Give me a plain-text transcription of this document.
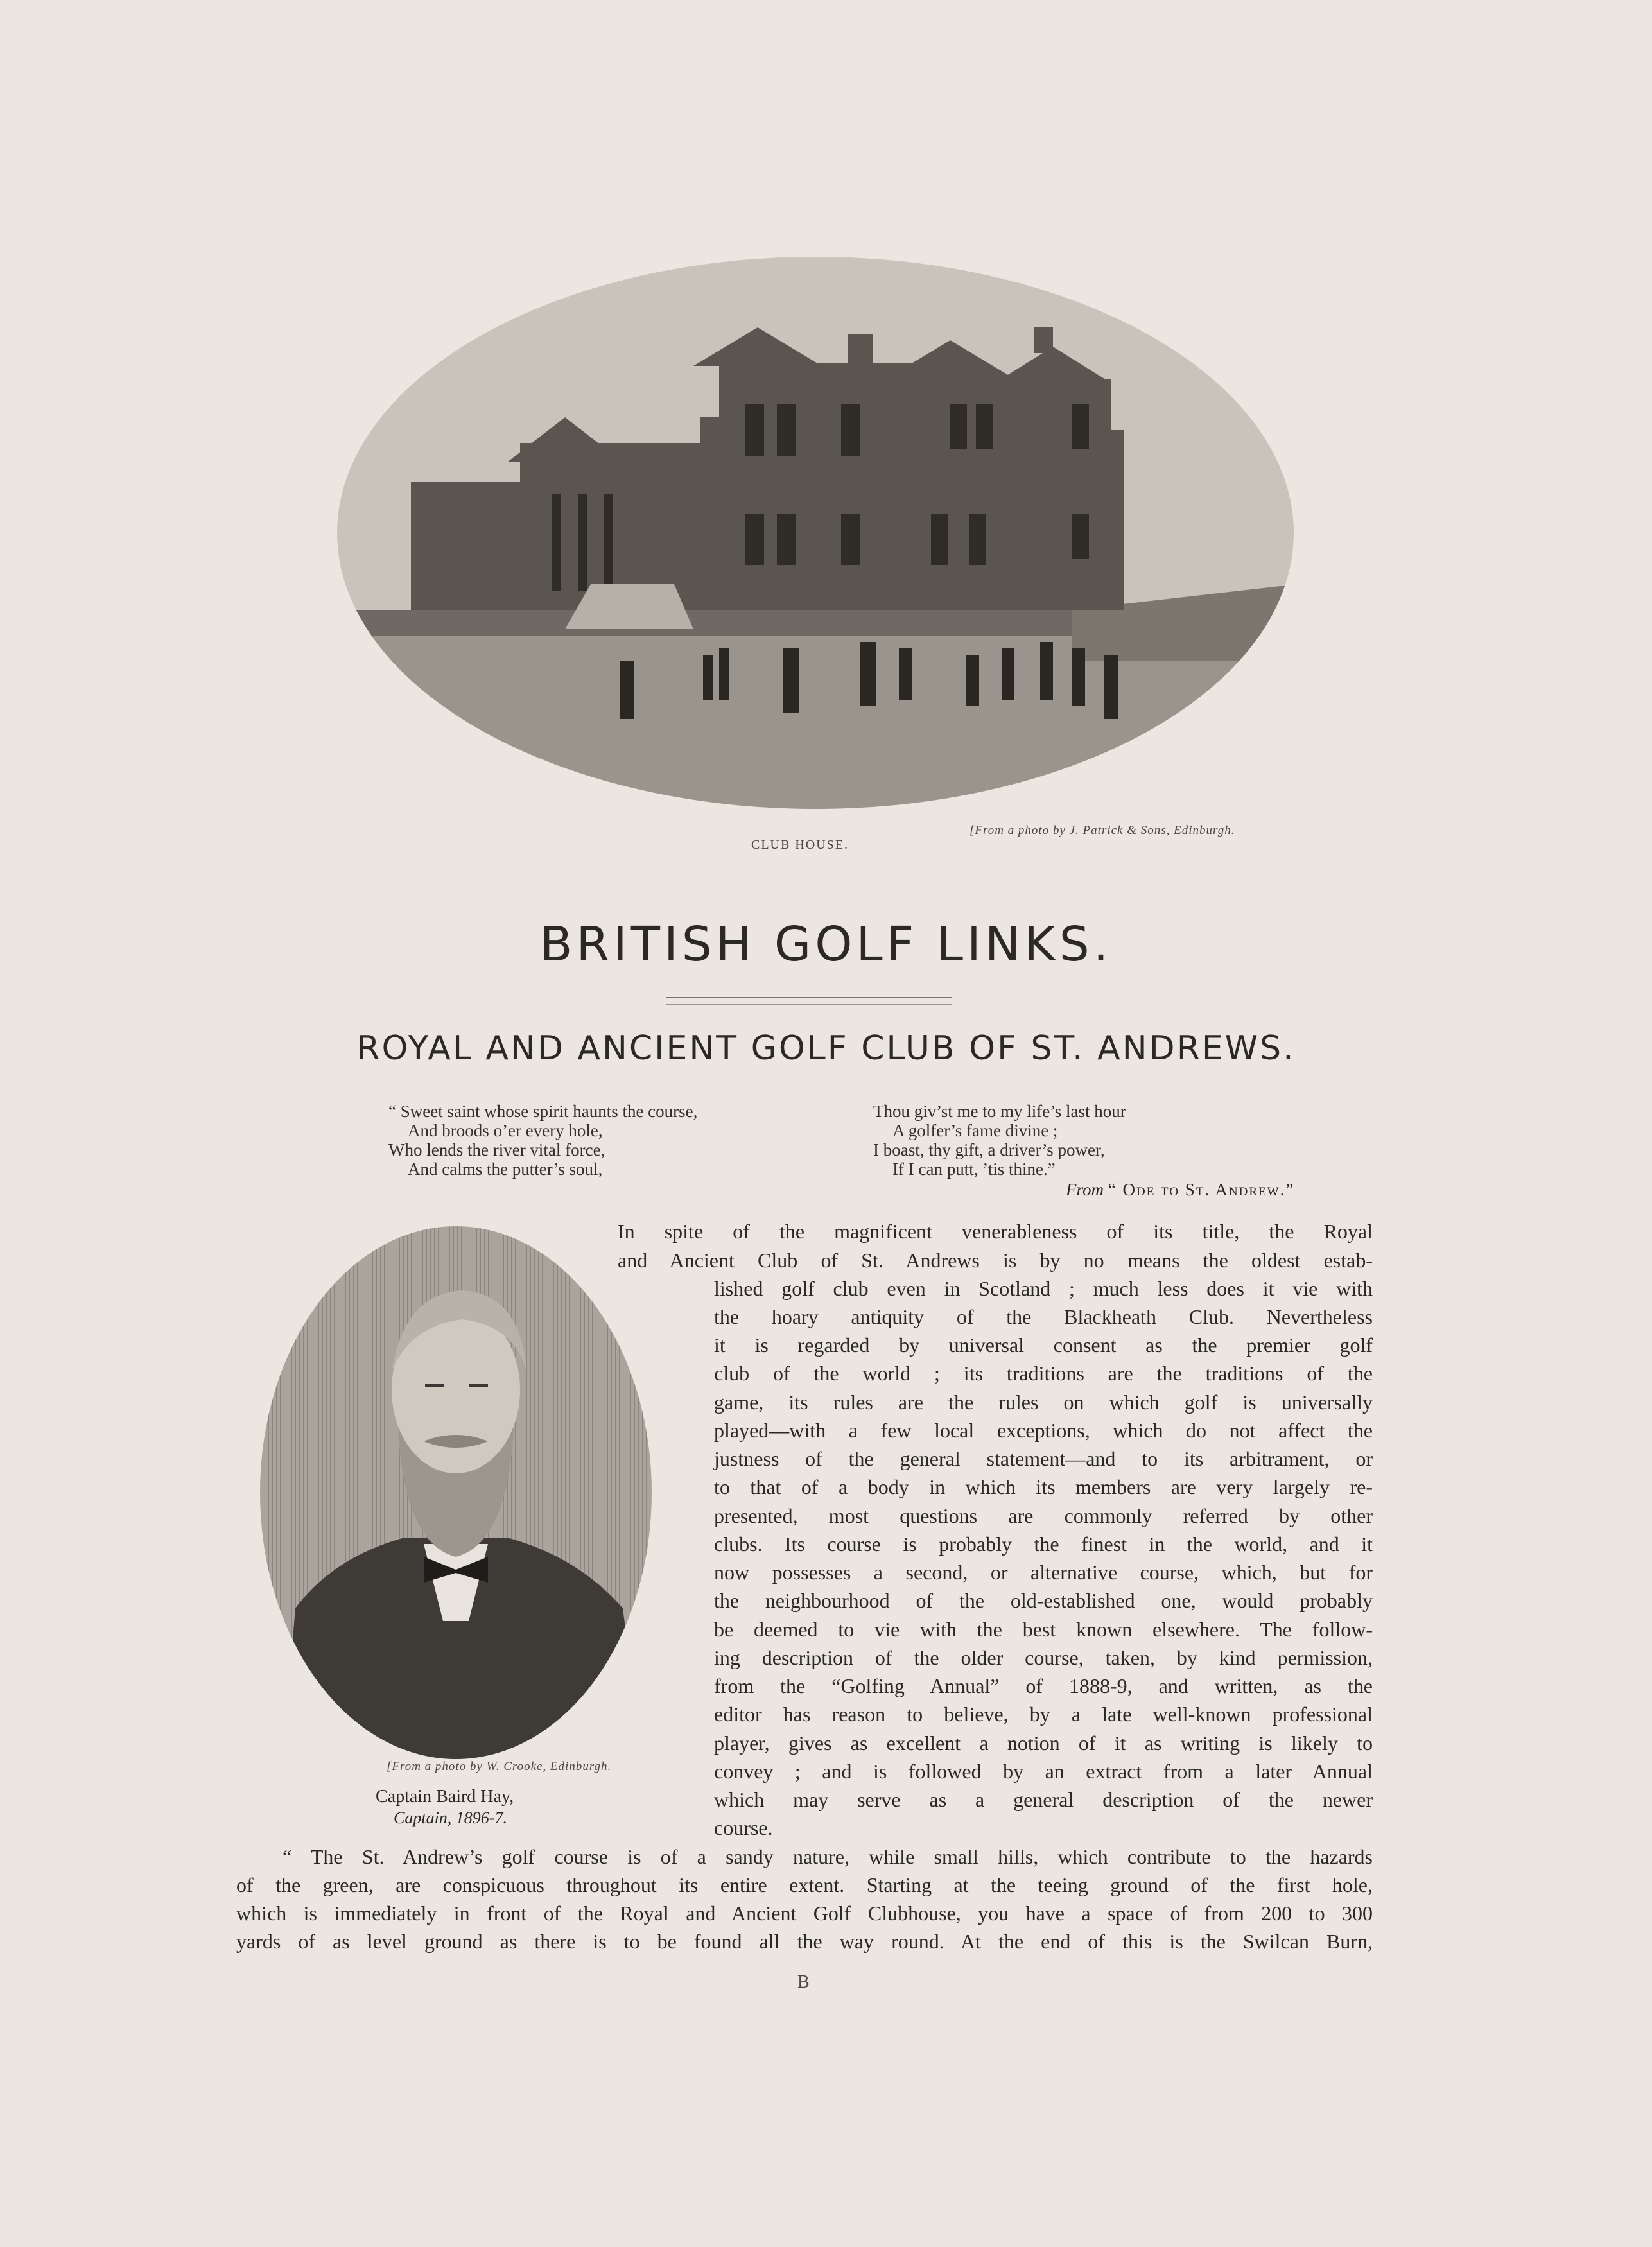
CLUB HOUSE.
[From a photo by J. Patrick & Sons, Edinburgh.
BRITISH GOLF LINKS.
ROYAL AND ANCIENT GOLF CLUB OF ST. ANDREWS.
“ Sweet saint whose spirit haunts the course,
And broods o’er every hole,
Who lends the river vital force,
And calms the putter’s soul,
Thou giv’st me to my life’s last hour
A golfer’s fame divine ;
I boast, thy gift, a driver’s power,
If I can putt, ’tis thine.”
From “ Ode to St. Andrew.”
[From a photo by W. Crooke, Edinburgh.
Captain Baird Hay,
Captain, 1896-7.
In spite of the magnificent venerableness of its title, the Royal
and Ancient Club of St. Andrews is by no means the oldest estab-
lished golf club even in Scotland ; much less does it vie with
the hoary antiquity of the Blackheath Club. Nevertheless
it is regarded by universal consent as the premier golf
club of the world ; its traditions are the traditions of the
game, its rules are the rules on which golf is universally
played—with a few local exceptions, which do not affect the
justness of the general statement—and to its arbitrament, or
to that of a body in which its members are very largely re-
presented, most questions are commonly referred by other
clubs. Its course is probably the finest in the world, and it
now possesses a second, or alternative course, which, but for
the neighbourhood of the old-established one, would probably
be deemed to vie with the best known elsewhere. The follow-
ing description of the older course, taken, by kind permission,
from the “Golfing Annual” of 1888-9, and written, as the
editor has reason to believe, by a late well-known professional
player, gives as excellent a notion of it as writing is likely to
convey ; and is followed by an extract from a later Annual
which may serve as a general description of the newer
course.
“ The St. Andrew’s golf course is of a sandy nature, while small hills, which contribute to the hazards
of the green, are conspicuous throughout its entire extent. Starting at the teeing ground of the first hole,
which is immediately in front of the Royal and Ancient Golf Clubhouse, you have a space of from 200 to 300
yards of as level ground as there is to be found all the way round. At the end of this is the Swilcan Burn,
B
